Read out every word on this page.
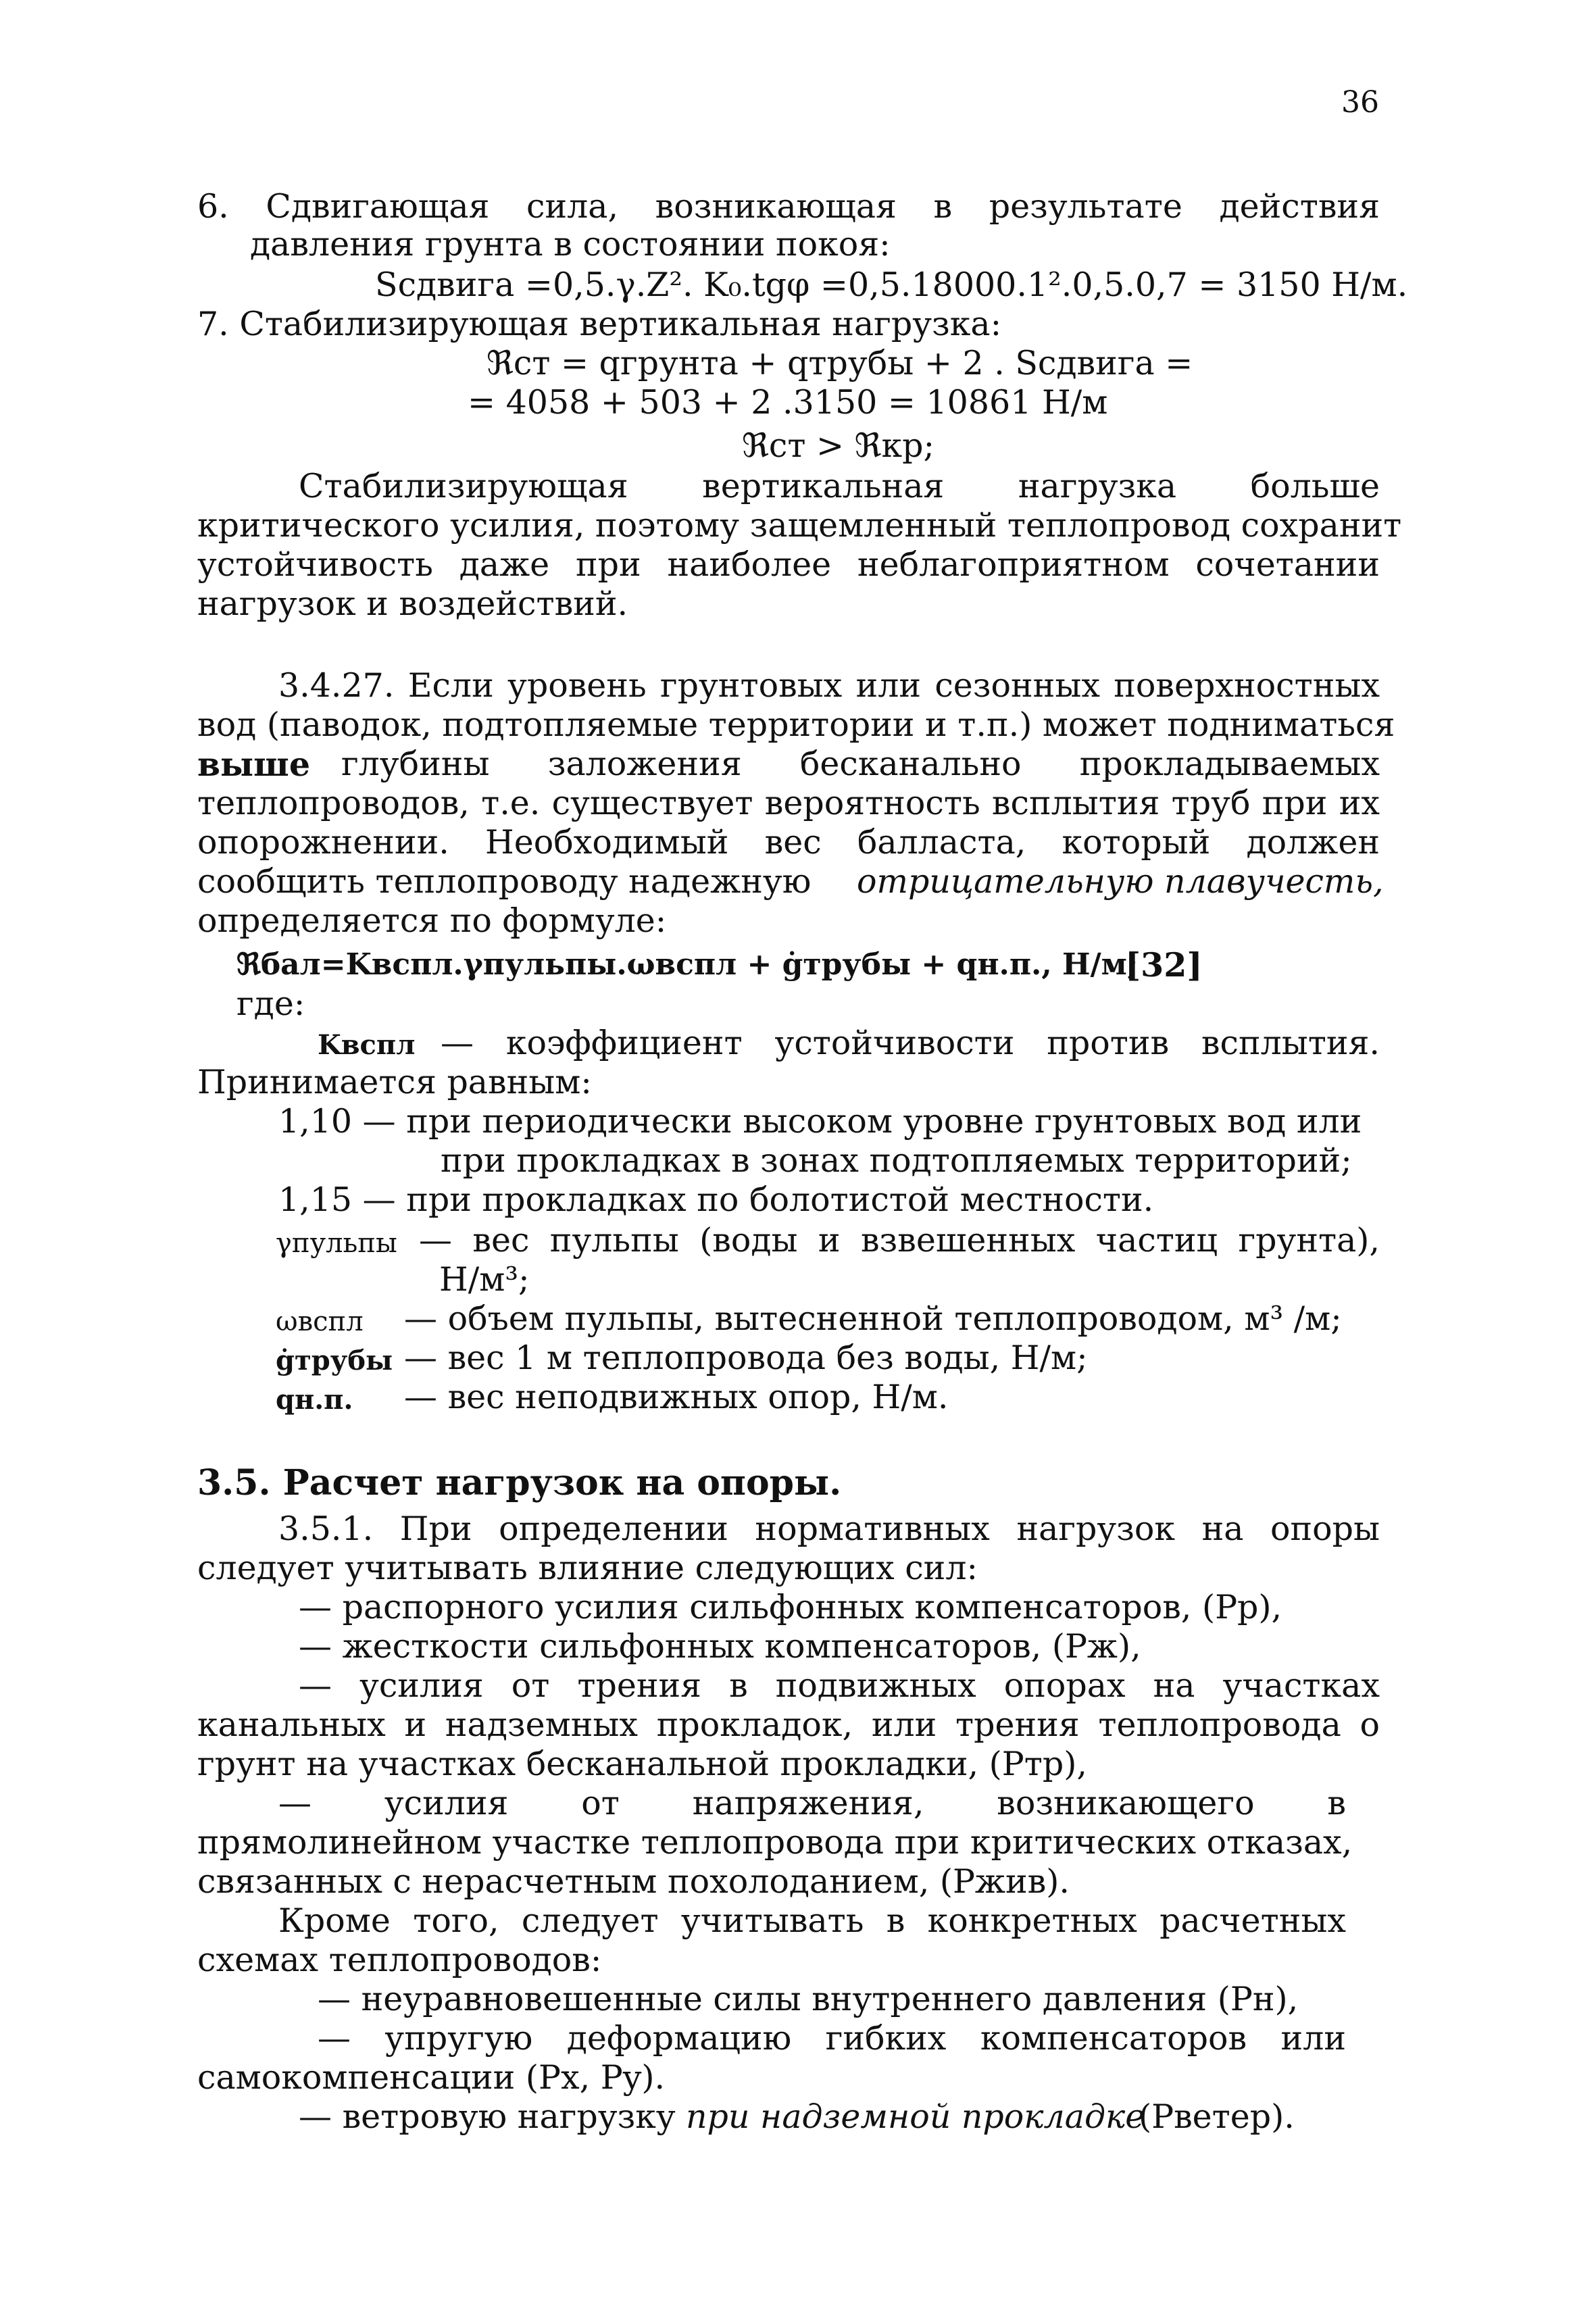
36
6. Сдвигающая сила, возникающая в результате действия
давления грунта в состоянии покоя:
Sсдвига =0,5.γ.Z². K₀.tgφ =0,5.18000.1².0,5.0,7 = 3150 Н/м.
7. Стабилизирующая вертикальная нагрузка:
ℜст = qгрунта + qтрубы + 2 . Sсдвига =
= 4058 + 503 + 2 .3150 = 10861 Н/м
ℜст > ℜкр;
Стабилизирующая вертикальная нагрузка больше
критического усилия, поэтому защемленный теплопровод сохранит
устойчивость даже при наиболее неблагоприятном сочетании
нагрузок и воздействий.
3.4.27. Если уровень грунтовых или сезонных поверхностных
вод (паводок, подтопляемые территории и т.п.) может подниматься
выше глубины заложения бесканально прокладываемых
теплопроводов, т.е. существует вероятность всплытия труб при их
опорожнении. Необходимый вес балласта, который должен
сообщить теплопроводу надежную отрицательную плавучесть,
определяется по формуле:
ℜбал=Kвспл.γпульпы.ωвспл + ġтрубы + qн.п., Н/м;
[32]
где:
Kвспл — коэффициент устойчивости против всплытия.
Принимается равным:
1,10 — при периодически высоком уровне грунтовых вод или
при прокладках в зонах подтопляемых территорий;
1,15 — при прокладках по болотистой местности.
γпульпы — вес пульпы (воды и взвешенных частиц грунта),
Н/м³;
ωвспл — объем пульпы, вытесненной теплопроводом, м³ /м;
ġтрубы — вес 1 м теплопровода без воды, Н/м;
qн.п. — вес неподвижных опор, Н/м.
3.5. Расчет нагрузок на опоры.
3.5.1. При определении нормативных нагрузок на опоры
следует учитывать влияние следующих сил:
— распорного усилия сильфонных компенсаторов, (Pр),
— жесткости сильфонных компенсаторов, (Pж),
— усилия от трения в подвижных опорах на участках
канальных и надземных прокладок, или трения теплопровода о
грунт на участках бесканальной прокладки, (Pтр),
— усилия от напряжения, возникающего в
прямолинейном участке теплопровода при критических отказах,
связанных с нерасчетным похолоданием, (Pжив).
Кроме того, следует учитывать в конкретных расчетных
схемах теплопроводов:
— неуравновешенные силы внутреннего давления (Pн),
— упругую деформацию гибких компенсаторов или
самокомпенсации (Px, Py).
— ветровую нагрузку при надземной прокладке
(Pветер).
